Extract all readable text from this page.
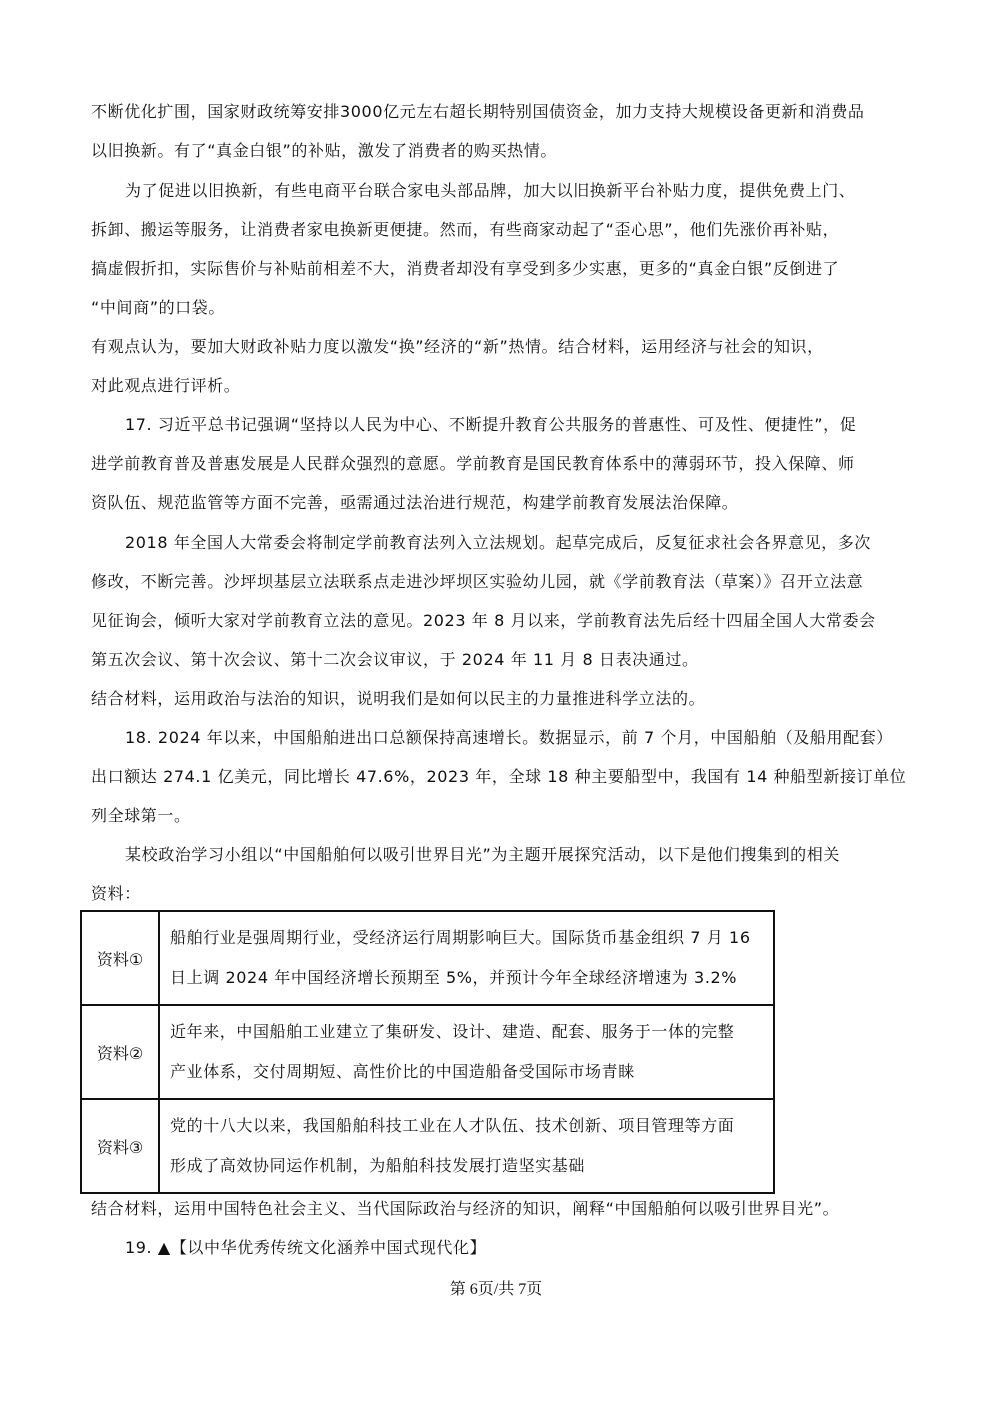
不断优化扩围，国家财政统筹安排3000亿元左右超长期特别国债资金，加力支持大规模设备更新和消费品
以旧换新。有了“真金白银”的补贴，激发了消费者的购买热情。
为了促进以旧换新，有些电商平台联合家电头部品牌，加大以旧换新平台补贴力度，提供免费上门、
拆卸、搬运等服务，让消费者家电换新更便捷。然而，有些商家动起了“歪心思”，他们先涨价再补贴，
搞虚假折扣，实际售价与补贴前相差不大，消费者却没有享受到多少实惠，更多的“真金白银”反倒进了
“中间商”的口袋。
有观点认为，要加大财政补贴力度以激发“换”经济的“新”热情。结合材料，运用经济与社会的知识，
对此观点进行评析。
17. 习近平总书记强调“坚持以人民为中心、不断提升教育公共服务的普惠性、可及性、便捷性”，促
进学前教育普及普惠发展是人民群众强烈的意愿。学前教育是国民教育体系中的薄弱环节，投入保障、师
资队伍、规范监管等方面不完善，亟需通过法治进行规范，构建学前教育发展法治保障。
2018 年全国人大常委会将制定学前教育法列入立法规划。起草完成后，反复征求社会各界意见，多次
修改，不断完善。沙坪坝基层立法联系点走进沙坪坝区实验幼儿园，就《学前教育法（草案）》召开立法意
见征询会，倾听大家对学前教育立法的意见。2023 年 8 月以来，学前教育法先后经十四届全国人大常委会
第五次会议、第十次会议、第十二次会议审议，于 2024 年 11 月 8 日表决通过。
结合材料，运用政治与法治的知识，说明我们是如何以民主的力量推进科学立法的。
18. 2024 年以来，中国船舶进出口总额保持高速增长。数据显示，前 7 个月，中国船舶（及船用配套）
出口额达 274.1 亿美元，同比增长 47.6%，2023 年，全球 18 种主要船型中，我国有 14 种船型新接订单位
列全球第一。
某校政治学习小组以“中国船舶何以吸引世界目光”为主题开展探究活动，以下是他们搜集到的相关
资料：
资料①	船舶行业是强周期行业，受经济运行周期影响巨大。国际货币基金组织 7 月 16
日上调 2024 年中国经济增长预期至 5%，并预计今年全球经济增速为 3.2%

资料②	近年来，中国船舶工业建立了集研发、设计、建造、配套、服务于一体的完整
产业体系，交付周期短、高性价比的中国造船备受国际市场青睐

资料③	党的十八大以来，我国船舶科技工业在人才队伍、技术创新、项目管理等方面
形成了高效协同运作机制，为船舶科技发展打造坚实基础
结合材料，运用中国特色社会主义、当代国际政治与经济的知识，阐释“中国船舶何以吸引世界目光”。
19. ▲【以中华优秀传统文化涵养中国式现代化】
第 6页/共 7页
